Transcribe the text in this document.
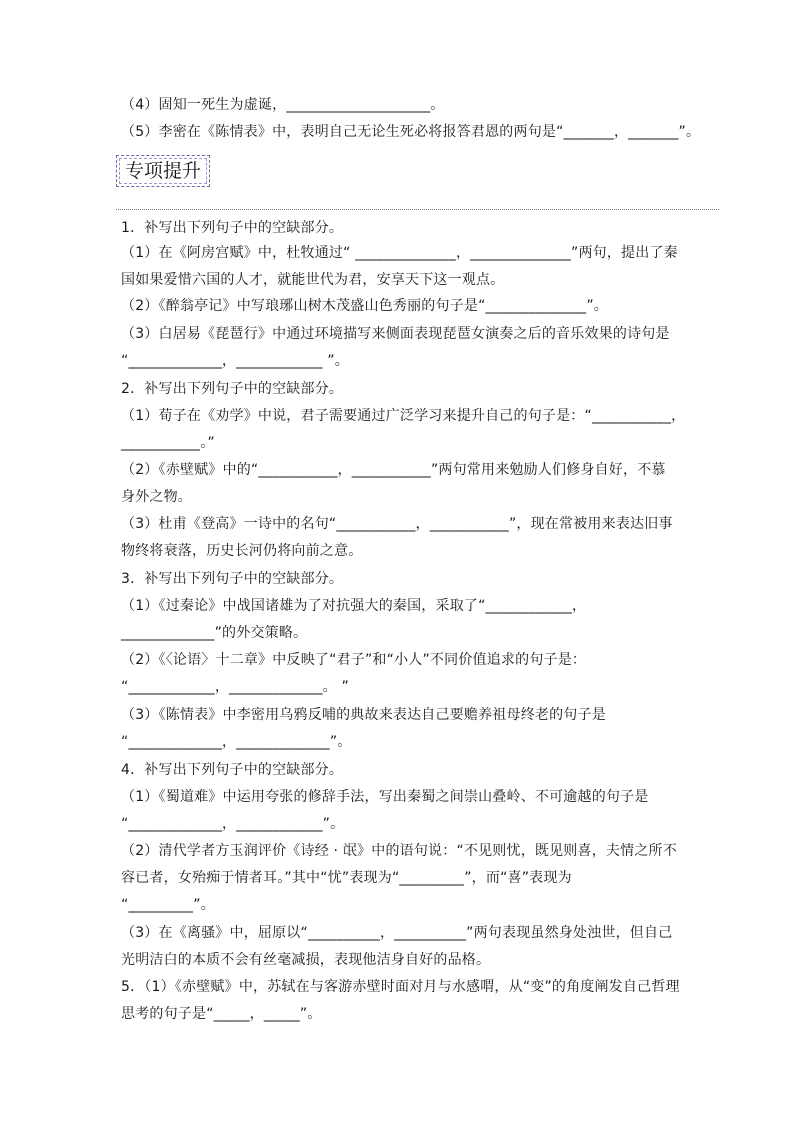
（4）固知一死生为虚诞，____________________。
（5）李密在《陈情表》中，表明自己无论生死必将报答君恩的两句是“_______，_______”。
专项提升
1．补写出下列句子中的空缺部分。
（1）在《阿房宫赋》中，杜牧通过“ ______________，______________”两句，提出了秦
国如果爱惜六国的人才，就能世代为君，安享天下这一观点。
（2）《醉翁亭记》中写琅琊山树木茂盛山色秀丽的句子是“______________”。
（3）白居易《琵琶行》中通过环境描写来侧面表现琵琶女演奏之后的音乐效果的诗句是
“_____________，____________ ”。
2．补写出下列句子中的空缺部分。
（1）荀子在《劝学》中说，君子需要通过广泛学习来提升自己的句子是：“___________，
___________。”
（2）《赤壁赋》中的“___________，___________”两句常用来勉励人们修身自好，不慕
身外之物。
（3）杜甫《登高》一诗中的名句“___________，___________”，现在常被用来表达旧事
物终将衰落，历史长河仍将向前之意。
3．补写出下列句子中的空缺部分。
（1）《过秦论》中战国诸雄为了对抗强大的秦国，采取了“____________，
_____________”的外交策略。
（2）《〈论语〉十二章》中反映了“君子”和“小人”不同价值追求的句子是：
“____________，_____________。 ”
（3）《陈情表》中李密用乌鸦反哺的典故来表达自己要赡养祖母终老的句子是
“_____________，_____________”。
4．补写出下列句子中的空缺部分。
（1）《蜀道难》中运用夸张的修辞手法，写出秦蜀之间崇山叠岭、不可逾越的句子是
“_____________，____________”。
（2）清代学者方玉润评价《诗经 · 氓》中的语句说：“不见则忧，既见则喜，夫情之所不
容已者，女殆痴于情者耳。”其中“忧”表现为“_________”，而“喜”表现为
“_________”。
（3）在《离骚》中，屈原以“__________，__________”两句表现虽然身处浊世，但自己
光明洁白的本质不会有丝毫减损，表现他洁身自好的品格。
5．（1）《赤壁赋》中，苏轼在与客游赤壁时面对月与水感喟，从“变”的角度阐发自己哲理
思考的句子是“_____，_____”。
